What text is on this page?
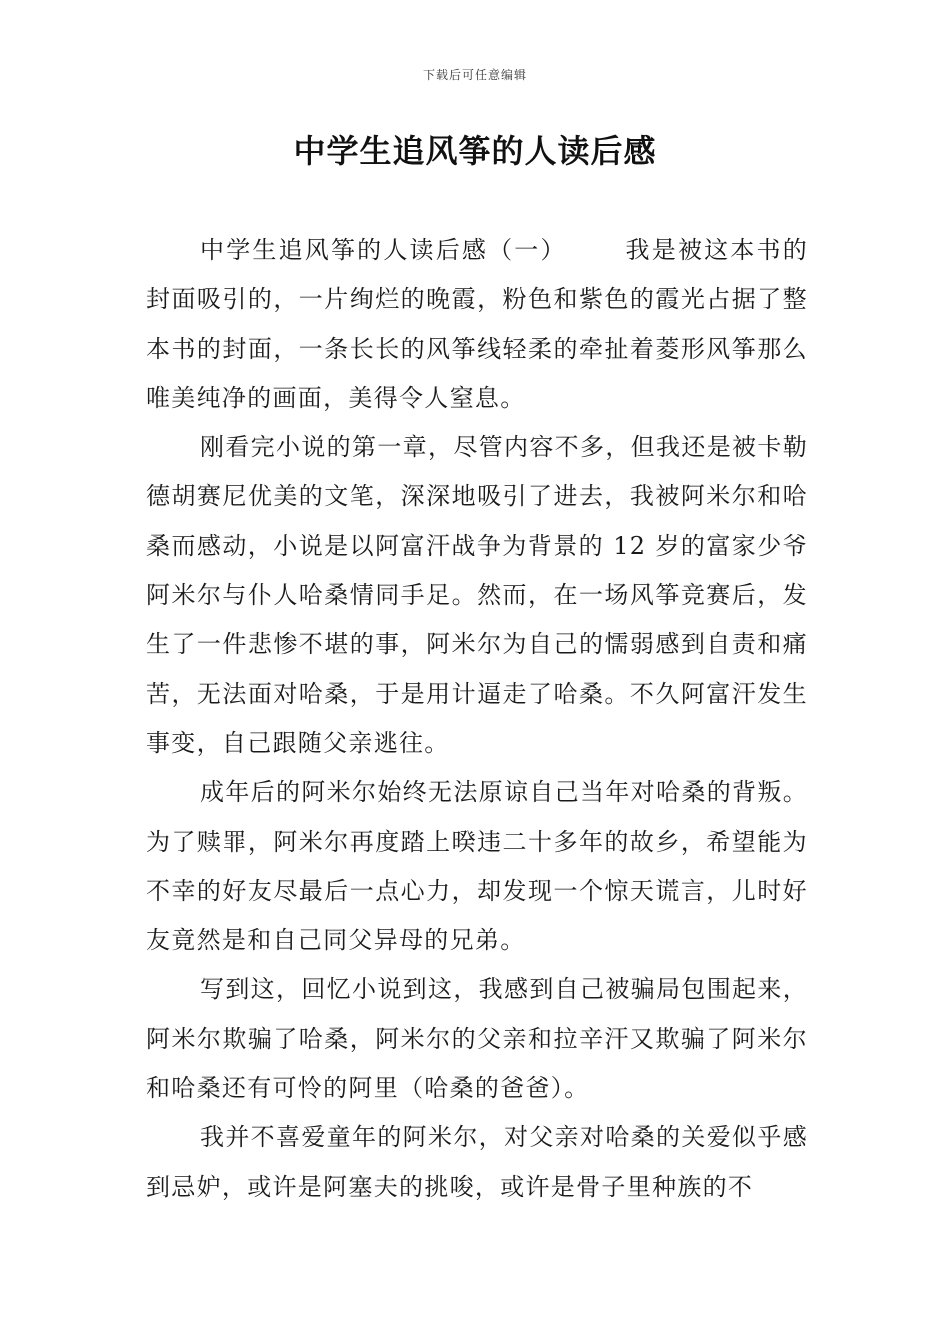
下载后可任意编辑
中学生追风筝的人读后感

中学生追风筝的人读后感（一） 我是被这本书的封面吸引的，一片绚烂的晚霞，粉色和紫色的霞光占据了整本书的封面，一条长长的风筝线轻柔的牵扯着菱形风筝那么唯美纯净的画面，美得令人窒息。

刚看完小说的第一章，尽管内容不多，但我还是被卡勒德胡赛尼优美的文笔，深深地吸引了进去，我被阿米尔和哈桑而感动，小说是以阿富汗战争为背景的 12 岁的富家少爷阿米尔与仆人哈桑情同手足。然而，在一场风筝竞赛后，发生了一件悲惨不堪的事，阿米尔为自己的懦弱感到自责和痛苦，无法面对哈桑，于是用计逼走了哈桑。不久阿富汗发生事变，自己跟随父亲逃往。

成年后的阿米尔始终无法原谅自己当年对哈桑的背叛。为了赎罪，阿米尔再度踏上暌违二十多年的故乡，希望能为不幸的好友尽最后一点心力，却发现一个惊天谎言，儿时好友竟然是和自己同父异母的兄弟。

写到这，回忆小说到这，我感到自己被骗局包围起来，阿米尔欺骗了哈桑，阿米尔的父亲和拉辛汗又欺骗了阿米尔和哈桑还有可怜的阿里（哈桑的爸爸）。

我并不喜爱童年的阿米尔，对父亲对哈桑的关爱似乎感到忌妒，或许是阿塞夫的挑唆，或许是骨子里种族的不
